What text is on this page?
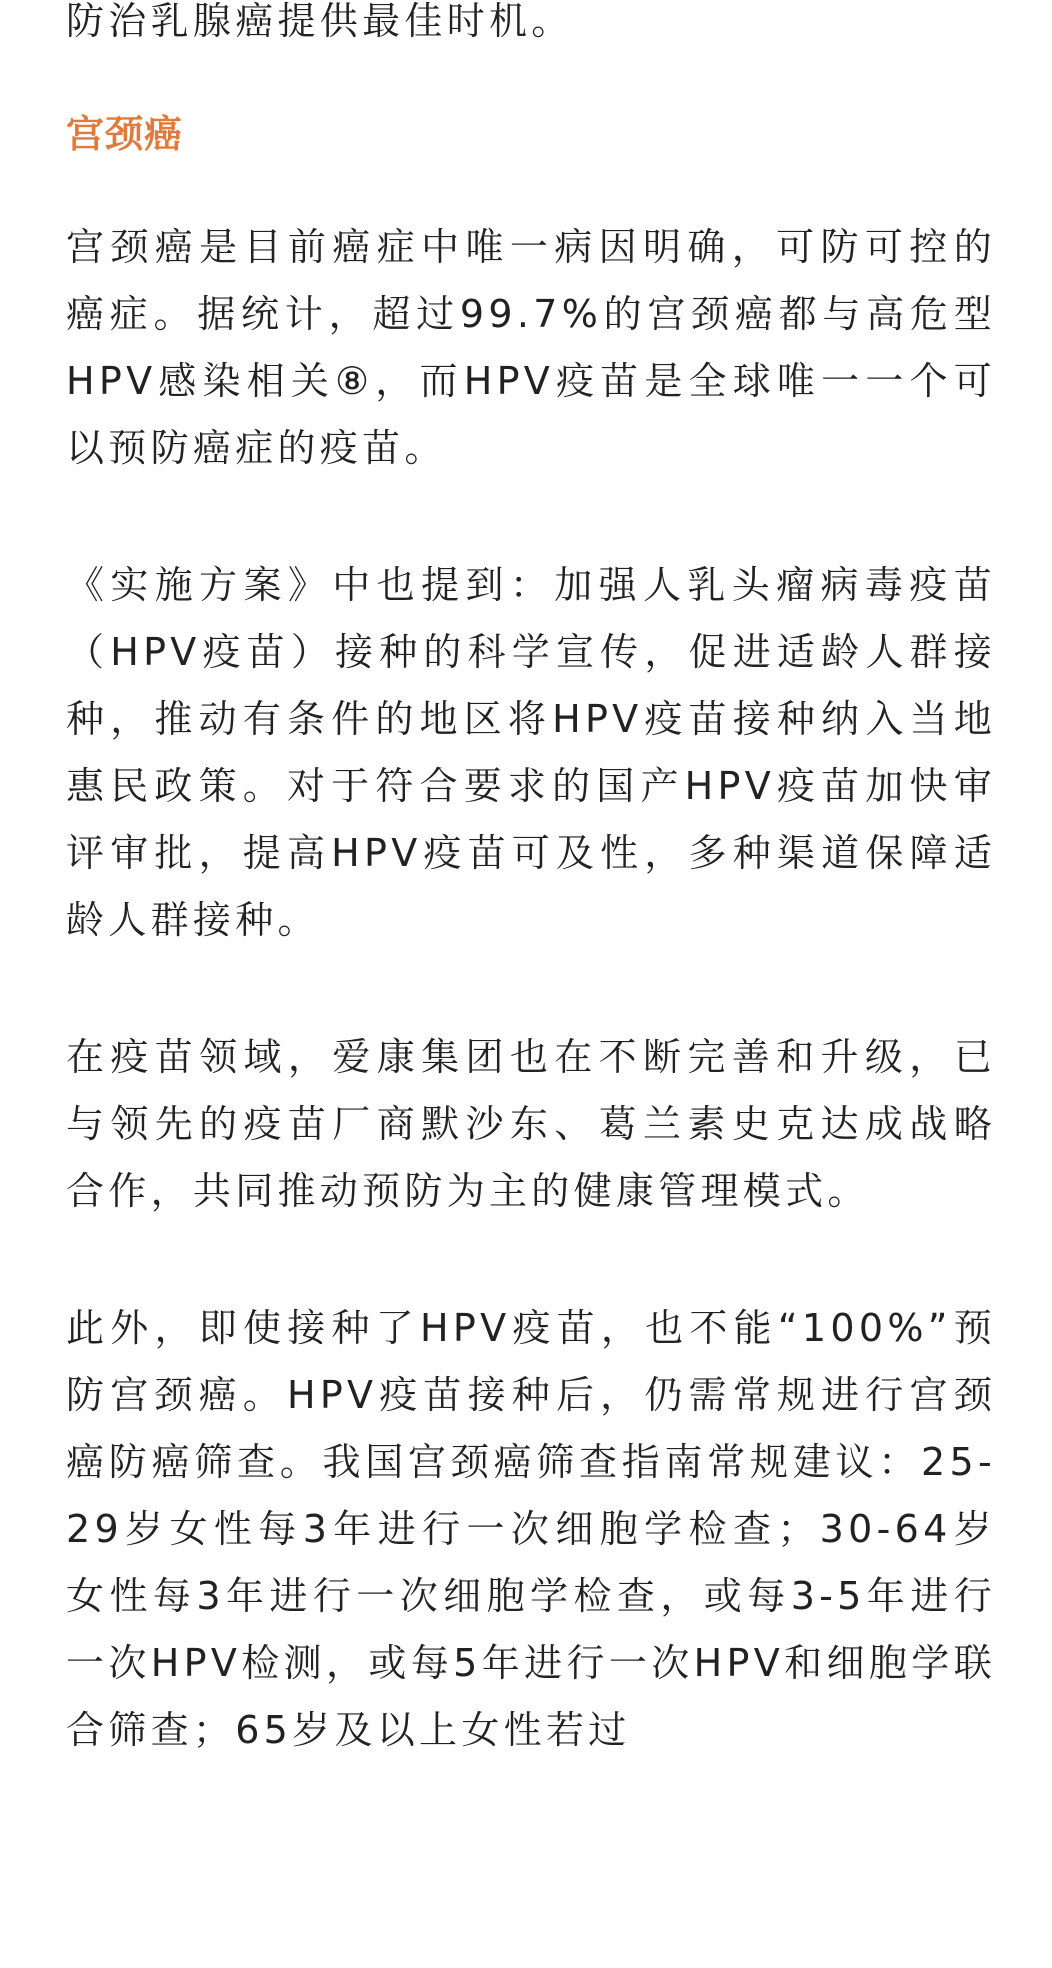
防治乳腺癌提供最佳时机。

宫颈癌

宫颈癌是目前癌症中唯一病因明确，可防可控的癌症。据统计，超过99.7%的宫颈癌都与高危型HPV感染相关⑧，而HPV疫苗是全球唯一一个可以预防癌症的疫苗。

《实施方案》中也提到：加强人乳头瘤病毒疫苗（HPV疫苗）接种的科学宣传，促进适龄人群接种，推动有条件的地区将HPV疫苗接种纳入当地惠民政策。对于符合要求的国产HPV疫苗加快审评审批，提高HPV疫苗可及性，多种渠道保障适龄人群接种。

在疫苗领域，爱康集团也在不断完善和升级，已与领先的疫苗厂商默沙东、葛兰素史克达成战略合作，共同推动预防为主的健康管理模式。

此外，即使接种了HPV疫苗，也不能“100%”预防宫颈癌。HPV疫苗接种后，仍需常规进行宫颈癌防癌筛查。我国宫颈癌筛查指南常规建议：25-29岁女性每3年进行一次细胞学检查；30-64岁女性每3年进行一次细胞学检查，或每3-5年进行一次HPV检测，或每5年进行一次HPV和细胞学联合筛查；65岁及以上女性若过
